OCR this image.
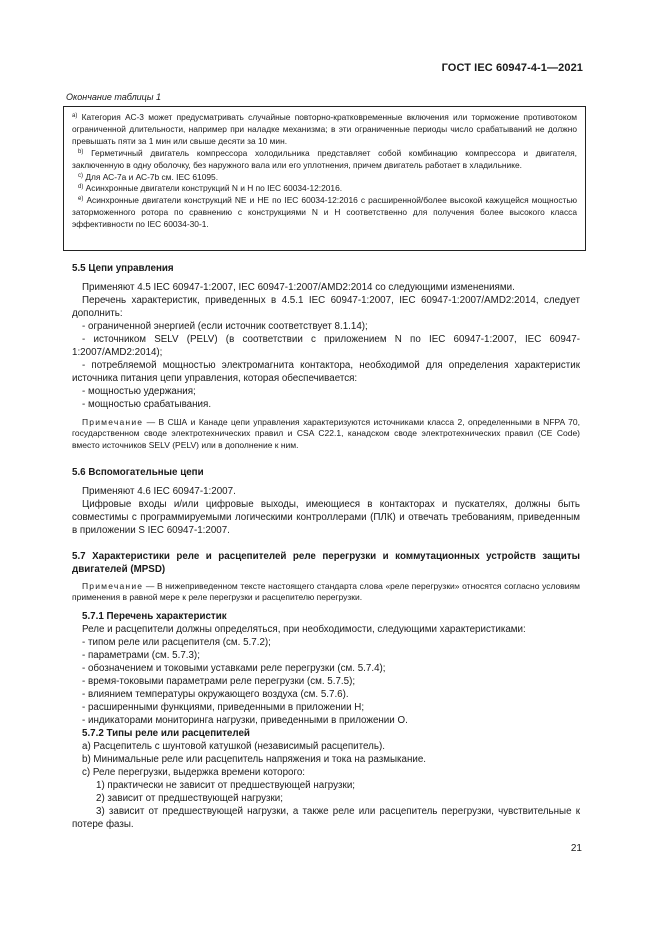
ГОСТ IEC 60947-4-1—2021
Окончание таблицы 1

$^{a)}$ Категория АС-3 может предусматривать случайные повторно-кратковременные включения или торможение противотоком ограниченной длительности, например при наладке механизма; в эти ограниченные периоды число срабатываний не должно превышать пяти за 1 мин или свыше десяти за 10 мин.

$^{b)}$ Герметичный двигатель компрессора холодильника представляет собой комбинацию компрессора и двигателя, заключенную в одну оболочку, без наружного вала или его уплотнения, причем двигатель работает в хладильнике.

$^{c)}$ Для АС-7а и АС-7b см. IEC 61095.

$^{d)}$ Асинхронные двигатели конструкций N и Н по IEC 60034-12:2016.

$^{e)}$ Асинхронные двигатели конструкций NE и НЕ по IEC 60034-12:2016 с расширенной/более высокой кажущейся мощностью заторможенного ротора по сравнению с конструкциями N и Н соответственно для получения более высокого класса эффективности по IEC 60034-30-1.

5.5 Цепи управления

Применяют 4.5 IEC 60947-1:2007, IEC 60947-1:2007/AMD2:2014 со следующими изменениями.

Перечень характеристик, приведенных в 4.5.1 IEC 60947-1:2007, IEC 60947-1:2007/AMD2:2014, следует дополнить:

- ограниченной энергией (если источник соответствует 8.1.14);

- источником SELV (PELV) (в соответствии с приложением N по IEC 60947-1:2007, IEC 60947-1:2007/AMD2:2014);

- потребляемой мощностью электромагнита контактора, необходимой для определения характеристик источника питания цепи управления, которая обеспечивается:

- мощностью удержания;

- мощностью срабатывания.

Примечание — В США и Канаде цепи управления характеризуются источниками класса 2, определенными в NFPA 70, государственном своде электротехнических правил и CSA C22.1, канадском своде электротехнических правил (CE Code) вместо источников SELV (PELV) или в дополнение к ним.

5.6 Вспомогательные цепи

Применяют 4.6 IEC 60947-1:2007.

Цифровые входы и/или цифровые выходы, имеющиеся в контакторах и пускателях, должны быть совместимы с программируемыми логическими контроллерами (ПЛК) и отвечать требованиям, приведенным в приложении S IEC 60947-1:2007.

5.7 Характеристики реле и расцепителей реле перегрузки и коммутационных устройств защиты двигателей (MPSD)

Примечание — В нижеприведенном тексте настоящего стандарта слова «реле перегрузки» относятся согласно условиям применения в равной мере к реле перегрузки и расцепителю перегрузки.

5.7.1 Перечень характеристик

Реле и расцепители должны определяться, при необходимости, следующими характеристиками:

- типом реле или расцепителя (см. 5.7.2);

- параметрами (см. 5.7.3);

- обозначением и токовыми уставками реле перегрузки (см. 5.7.4);

- время-токовыми параметрами реле перегрузки (см. 5.7.5);

- влиянием температуры окружающего воздуха (см. 5.7.6).

- расширенными функциями, приведенными в приложении Н;

- индикаторами мониторинга нагрузки, приведенными в приложении О.

5.7.2 Типы реле или расцепителей

a) Расцепитель с шунтовой катушкой (независимый расцепитель).

b) Минимальные реле или расцепитель напряжения и тока на размыкание.

c) Реле перегрузки, выдержка времени которого:

1) практически не зависит от предшествующей нагрузки;

2) зависит от предшествующей нагрузки;

3) зависит от предшествующей нагрузки, а также реле или расцепитель перегрузки, чувствительные к потере фазы.

21
